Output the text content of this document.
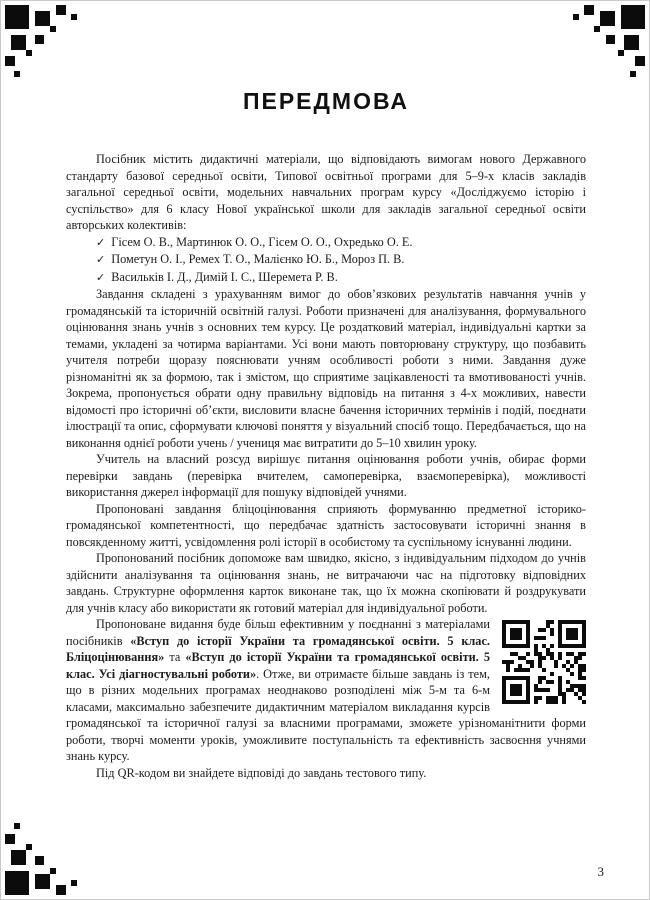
ПЕРЕДМОВА

Посібник містить дидактичні матеріали, що відповідають вимогам нового Державного стандарту базової середньої освіти, Типової освітньої програми для 5–9-х класів закладів загальної середньої освіти, модельних навчальних програм курсу «Досліджуємо історію і суспільство» для 6 класу Нової української школи для закладів загальної середньої освіти авторських колективів:

✓ Гісем О. В., Мартинюк О. О., Гісем О. О., Охредько О. Е.
✓ Пометун О. І., Ремех Т. О., Малієнко Ю. Б., Мороз П. В.
✓ Васильків І. Д., Димій І. С., Шеремета Р. В.

Завдання складені з урахуванням вимог до обов’язкових результатів навчання учнів у громадянській та історичній освітній галузі. Роботи призначені для аналізування, формувального оцінювання знань учнів з основних тем курсу. Це роздатковий матеріал, індивідуальні картки за темами, укладені за чотирма варіантами. Усі вони мають повторювану структуру, що позбавить учителя потреби щоразу пояснювати учням особливості роботи з ними. Завдання дуже різноманітні як за формою, так і змістом, що сприятиме зацікавленості та вмотивованості учнів. Зокрема, пропонується обрати одну правильну відповідь на питання з 4-х можливих, навести відомості про історичні об’єкти, висловити власне бачення історичних термінів і подій, поєднати ілюстрації та опис, сформувати ключові поняття у візуальний спосіб тощо. Передбачається, що на виконання однієї роботи учень / учениця має витратити до 5–10 хвилин уроку.

Учитель на власний розсуд вирішує питання оцінювання роботи учнів, обирає форми перевірки завдань (перевірка вчителем, самоперевірка, взаємоперевірка), можливості використання джерел інформації для пошуку відповідей учнями.

Пропоновані завдання бліцоцінювання сприяють формуванню предметної історико-громадянської компетентності, що передбачає здатність застосовувати історичні знання в повсякденному житті, усвідомлення ролі історії в особистому та суспільному існуванні людини.

Пропонований посібник допоможе вам швидко, якісно, з індивідуальним підходом до учнів здійснити аналізування та оцінювання знань, не витрачаючи час на підготовку відповідних завдань. Структурне оформлення карток виконане так, що їх можна скопіювати й роздрукувати для учнів класу або використати як готовий матеріал для індивідуальної роботи.

Пропоноване видання буде більш ефективним у поєднанні з матеріалами посібників «Вступ до історії України та громадянської освіти. 5 клас. Бліцоцінювання» та «Вступ до історії України та громадянської освіти. 5 клас. Усі діагностувальні роботи». Отже, ви отримаєте більше завдань із тем, що в різних модельних програмах неоднаково розподілені між 5-м та 6-м класами, максимально забезпечите дидактичним матеріалом викладання курсів громадянської та історичної галузі за власними програмами, зможете урізноманітнити форми роботи, творчі моменти уроків, уможливите поступальність та ефективність засвоєння учнями знань курсу.

Під QR-кодом ви знайдете відповіді до завдань тестового типу.

3
